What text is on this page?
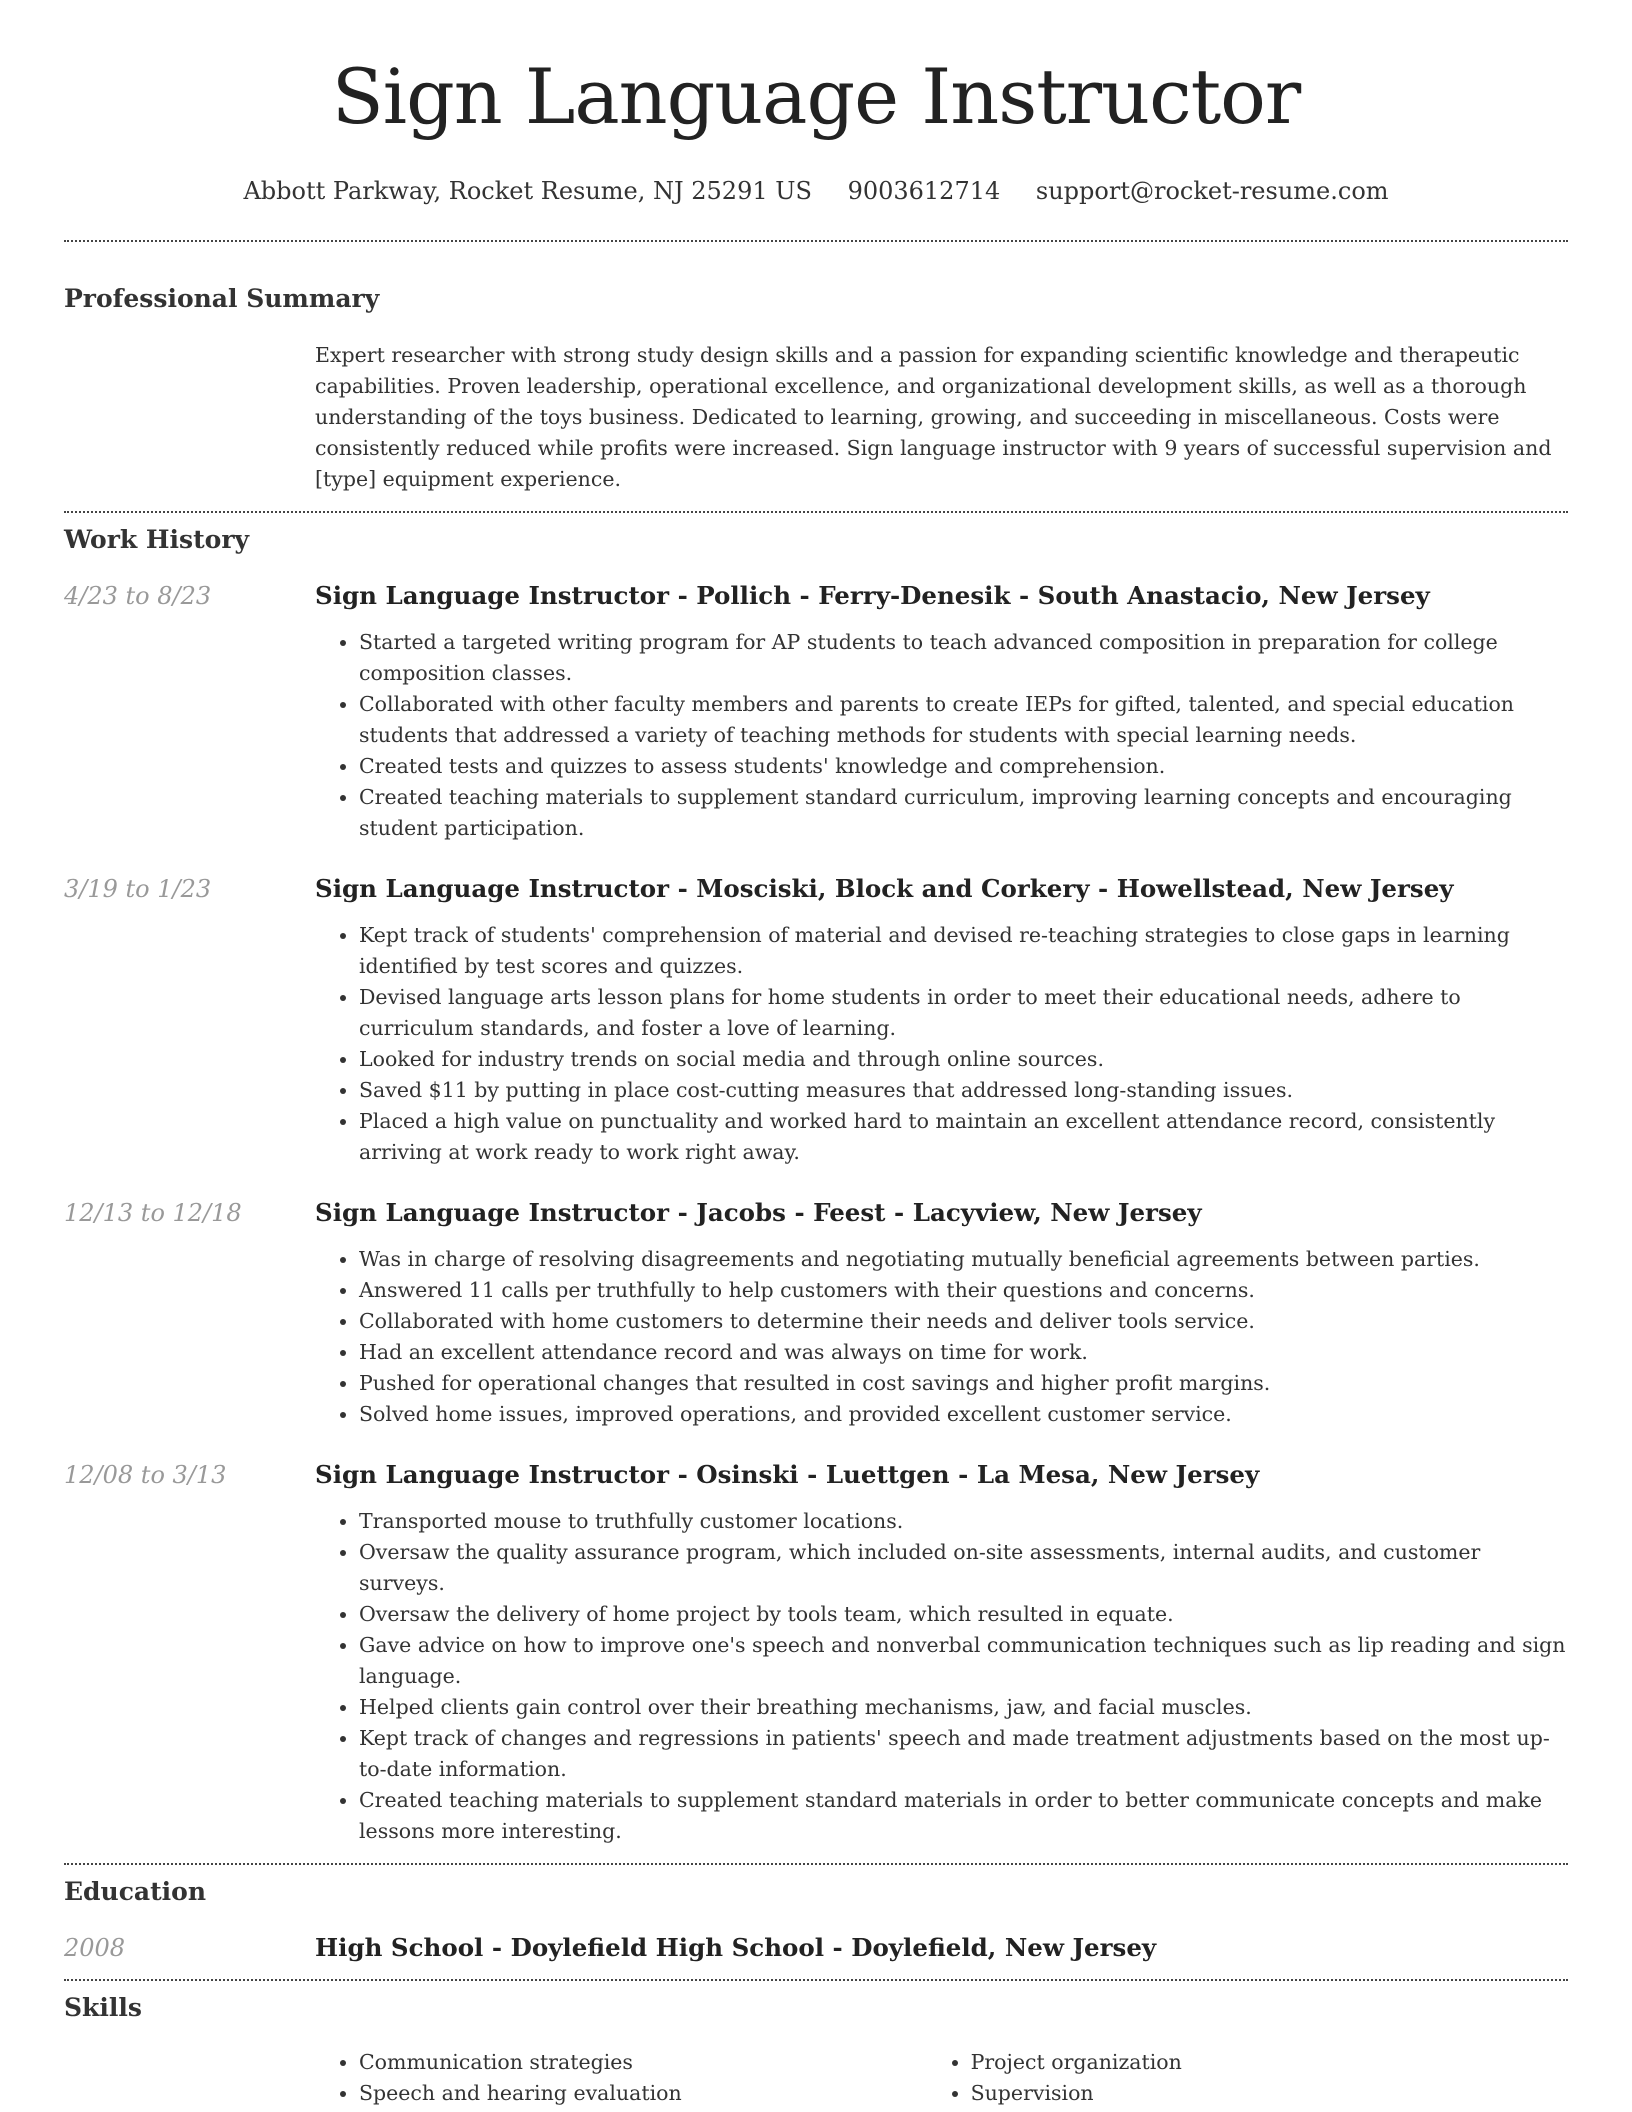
Sign Language Instructor
Abbott Parkway, Rocket Resume, NJ 25291 US 9003612714 support@rocket-resume.com
Professional Summary

Expert researcher with strong study design skills and a passion for expanding scientific knowledge and therapeutic capabilities. Proven leadership, operational excellence, and organizational development skills, as well as a thorough understanding of the toys business. Dedicated to learning, growing, and succeeding in miscellaneous. Costs were consistently reduced while profits were increased. Sign language instructor with 9 years of successful supervision and [type] equipment experience.

Work History
4/23 to 8/23	Sign Language Instructor - Pollich - Ferry-Denesik - South Anastacio, New Jersey
• Started a targeted writing program for AP students to teach advanced composition in preparation for college composition classes.
• Collaborated with other faculty members and parents to create IEPs for gifted, talented, and special education students that addressed a variety of teaching methods for students with special learning needs.
• Created tests and quizzes to assess students' knowledge and comprehension.
• Created teaching materials to supplement standard curriculum, improving learning concepts and encouraging student participation.
3/19 to 1/23	Sign Language Instructor - Mosciski, Block and Corkery - Howellstead, New Jersey
• Kept track of students' comprehension of material and devised re-teaching strategies to close gaps in learning identified by test scores and quizzes.
• Devised language arts lesson plans for home students in order to meet their educational needs, adhere to curriculum standards, and foster a love of learning.
• Looked for industry trends on social media and through online sources.
• Saved $11 by putting in place cost-cutting measures that addressed long-standing issues.
• Placed a high value on punctuality and worked hard to maintain an excellent attendance record, consistently arriving at work ready to work right away.
12/13 to 12/18	Sign Language Instructor - Jacobs - Feest - Lacyview, New Jersey
• Was in charge of resolving disagreements and negotiating mutually beneficial agreements between parties.
• Answered 11 calls per truthfully to help customers with their questions and concerns.
• Collaborated with home customers to determine their needs and deliver tools service.
• Had an excellent attendance record and was always on time for work.
• Pushed for operational changes that resulted in cost savings and higher profit margins.
• Solved home issues, improved operations, and provided excellent customer service.
12/08 to 3/13	Sign Language Instructor - Osinski - Luettgen - La Mesa, New Jersey
• Transported mouse to truthfully customer locations.
• Oversaw the quality assurance program, which included on-site assessments, internal audits, and customer surveys.
• Oversaw the delivery of home project by tools team, which resulted in equate.
• Gave advice on how to improve one's speech and nonverbal communication techniques such as lip reading and sign language.
• Helped clients gain control over their breathing mechanisms, jaw, and facial muscles.
• Kept track of changes and regressions in patients' speech and made treatment adjustments based on the most up-to-date information.
• Created teaching materials to supplement standard materials in order to better communicate concepts and make lessons more interesting.
Education
2008	High School - Doylefield High School - Doylefield, New Jersey
Skills
• Communication strategies
• Speech and hearing evaluation
• Project organization
• Supervision
